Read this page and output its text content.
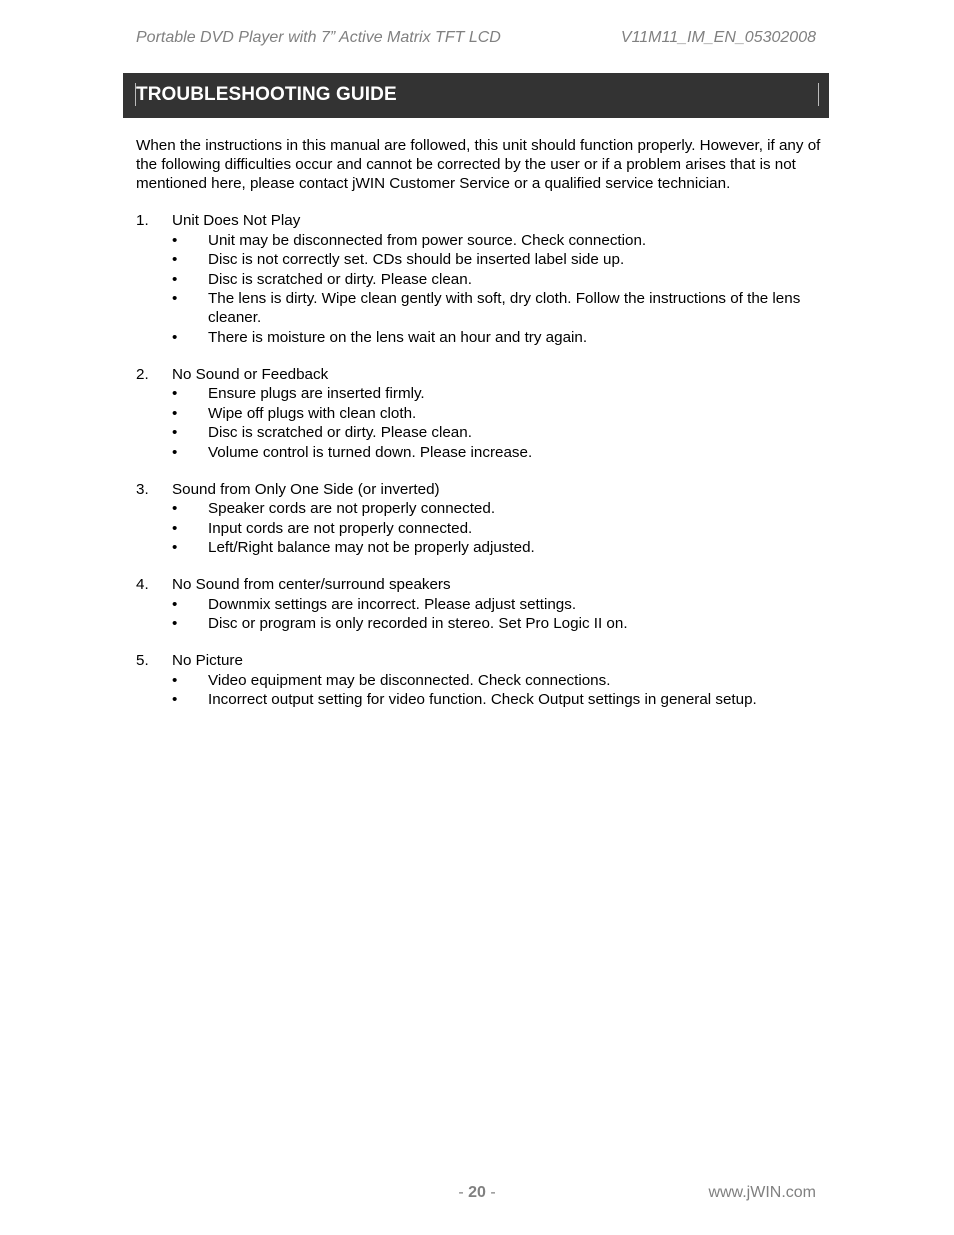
Portable DVD Player with 7” Active Matrix TFT LCD	V11M11_IM_EN_05302008
TROUBLESHOOTING GUIDE

When the instructions in this manual are followed, this unit should function properly. However, if any of the following difficulties occur and cannot be corrected by the user or if a problem arises that is not mentioned here, please contact jWIN Customer Service or a qualified service technician.

1.	Unit Does Not Play
•	Unit may be disconnected from power source. Check connection.
•	Disc is not correctly set. CDs should be inserted label side up.
•	Disc is scratched or dirty. Please clean.
•	The lens is dirty. Wipe clean gently with soft, dry cloth. Follow the instructions of the lens cleaner.
•	There is moisture on the lens wait an hour and try again.
2.	No Sound or Feedback
•	Ensure plugs are inserted firmly.
•	Wipe off plugs with clean cloth.
•	Disc is scratched or dirty. Please clean.
•	Volume control is turned down. Please increase.
3.	Sound from Only One Side (or inverted)
•	Speaker cords are not properly connected.
•	Input cords are not properly connected.
•	Left/Right balance may not be properly adjusted.
4.	No Sound from center/surround speakers
•	Downmix settings are incorrect. Please adjust settings.
•	Disc or program is only recorded in stereo. Set Pro Logic II on.
5.	No Picture
•	Video equipment may be disconnected. Check connections.
•	Incorrect output setting for video function. Check Output settings in general setup.
- 20 -	www.jWIN.com
